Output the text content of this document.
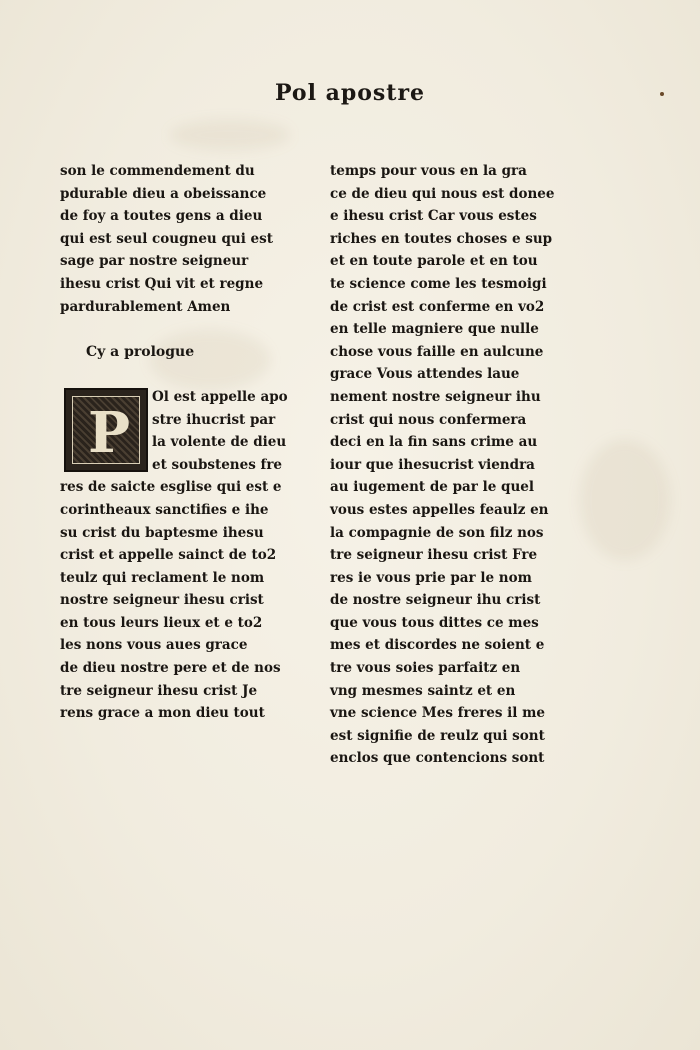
Pol apostre
son le commendement du
pdurable dieu a obeissance
de foy a toutes gens a dieu
qui est seul cougneu qui est
sage par nostre seigneur
ihesu crist Qui vit et regne
pardurablement Amen
Cy a prologue
P
Ol est appelle apo
stre ihucrist par
la volente de dieu
et soubstenes fre
res de saicte esglise qui est e
corintheaux sanctifies e ihe
su crist du baptesme ihesu
crist et appelle sainct de to2
teulz qui reclament le nom
nostre seigneur ihesu crist
en tous leurs lieux et e to2
les nons vous aues grace
de dieu nostre pere et de nos
tre seigneur ihesu crist Je
rens grace a mon dieu tout
temps pour vous en la gra
ce de dieu qui nous est donee
e ihesu crist Car vous estes
riches en toutes choses e sup
et en toute parole et en tou
te science come les tesmoigi
de crist est conferme en vo2
en telle magniere que nulle
chose vous faille en aulcune
grace Vous attendes laue
nement nostre seigneur ihu
crist qui nous confermera
deci en la fin sans crime au
iour que ihesucrist viendra
au iugement de par le quel
vous estes appelles feaulz en
la compagnie de son filz nos
tre seigneur ihesu crist Fre
res ie vous prie par le nom
de nostre seigneur ihu crist
que vous tous dittes ce mes
mes et discordes ne soient e
tre vous soies parfaitz en
vng mesmes saintz et en
vne science Mes freres il me
est signifie de reulz qui sont
enclos que contencions sont
